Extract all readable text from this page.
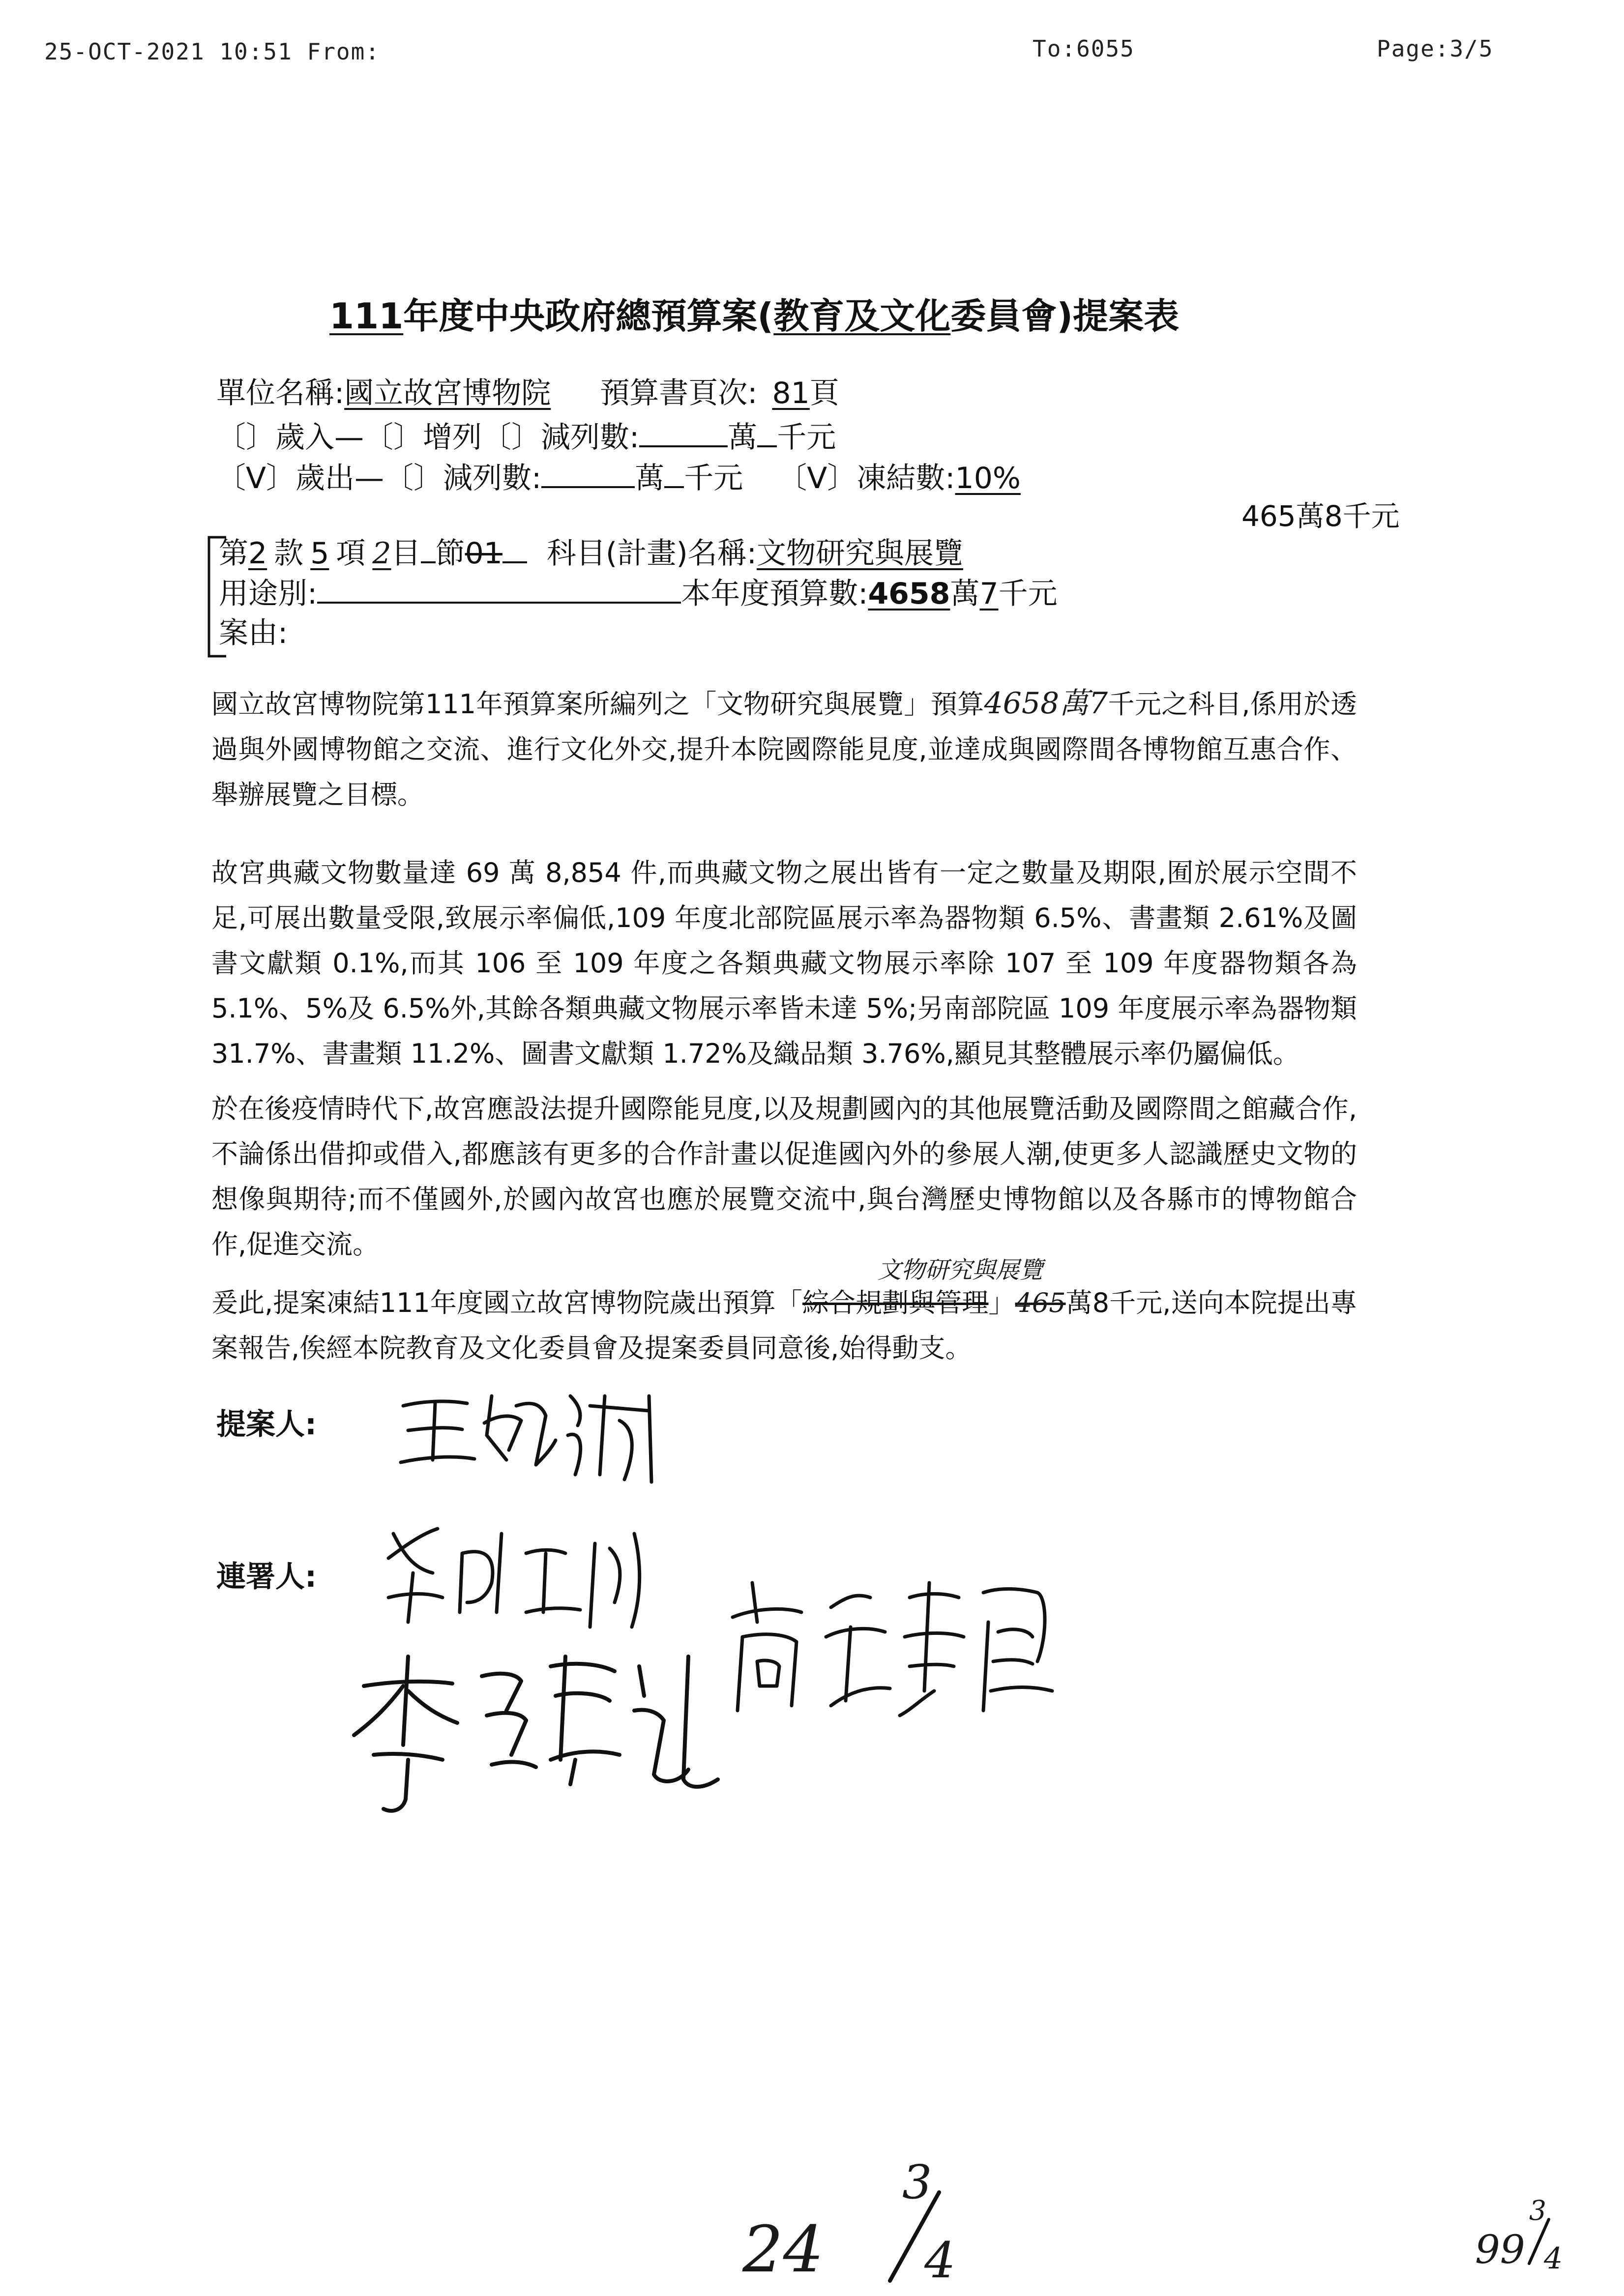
25-OCT-2021 10:51 From:	To:6055	Page:3/5
111年度中央政府總預算案(教育及文化委員會)提案表
單位名稱:國立故宮博物院 預算書頁次: 81頁
〔〕歲入—〔〕增列〔〕減列數:	萬 千元
〔V〕歲出—〔〕減列數:	萬 千元 〔V〕凍結數:10%
465萬8千元
第2 款 5 項 2目 節01 科目(計畫)名稱:文物研究與展覽
用途別:	本年度預算數:4658萬7千元
案由:

國立故宮博物院第111年預算案所編列之「文物研究與展覽」預算4658萬7千元之科目,係用於透過與外國博物館之交流、進行文化外交,提升本院國際能見度,並達成與國際間各博物館互惠合作、舉辦展覽之目標。

故宮典藏文物數量達 69 萬 8,854 件,而典藏文物之展出皆有一定之數量及期限,囿於展示空間不足,可展出數量受限,致展示率偏低,109 年度北部院區展示率為器物類 6.5%、書畫類 2.61%及圖書文獻類 0.1%,而其 106 至 109 年度之各類典藏文物展示率除 107 至 109 年度器物類各為 5.1%、5%及 6.5%外,其餘各類典藏文物展示率皆未達 5%;另南部院區 109 年度展示率為器物類 31.7%、書畫類 11.2%、圖書文獻類 1.72%及織品類 3.76%,顯見其整體展示率仍屬偏低。

於在後疫情時代下,故宮應設法提升國際能見度,以及規劃國內的其他展覽活動及國際間之館藏合作,不論係出借抑或借入,都應該有更多的合作計畫以促進國內外的參展人潮,使更多人認識歷史文物的想像與期待;而不僅國外,於國內故宮也應於展覽交流中,與台灣歷史博物館以及各縣市的博物館合作,促進交流。

文物研究與展覽

爰此,提案凍結111年度國立故宮博物院歲出預算「綜合規劃與管理」465萬8千元,送向本院提出專案報告,俟經本院教育及文化委員會及提案委員同意後,始得動支。

提案人:
連署人:
24
3
4	99
3
4
